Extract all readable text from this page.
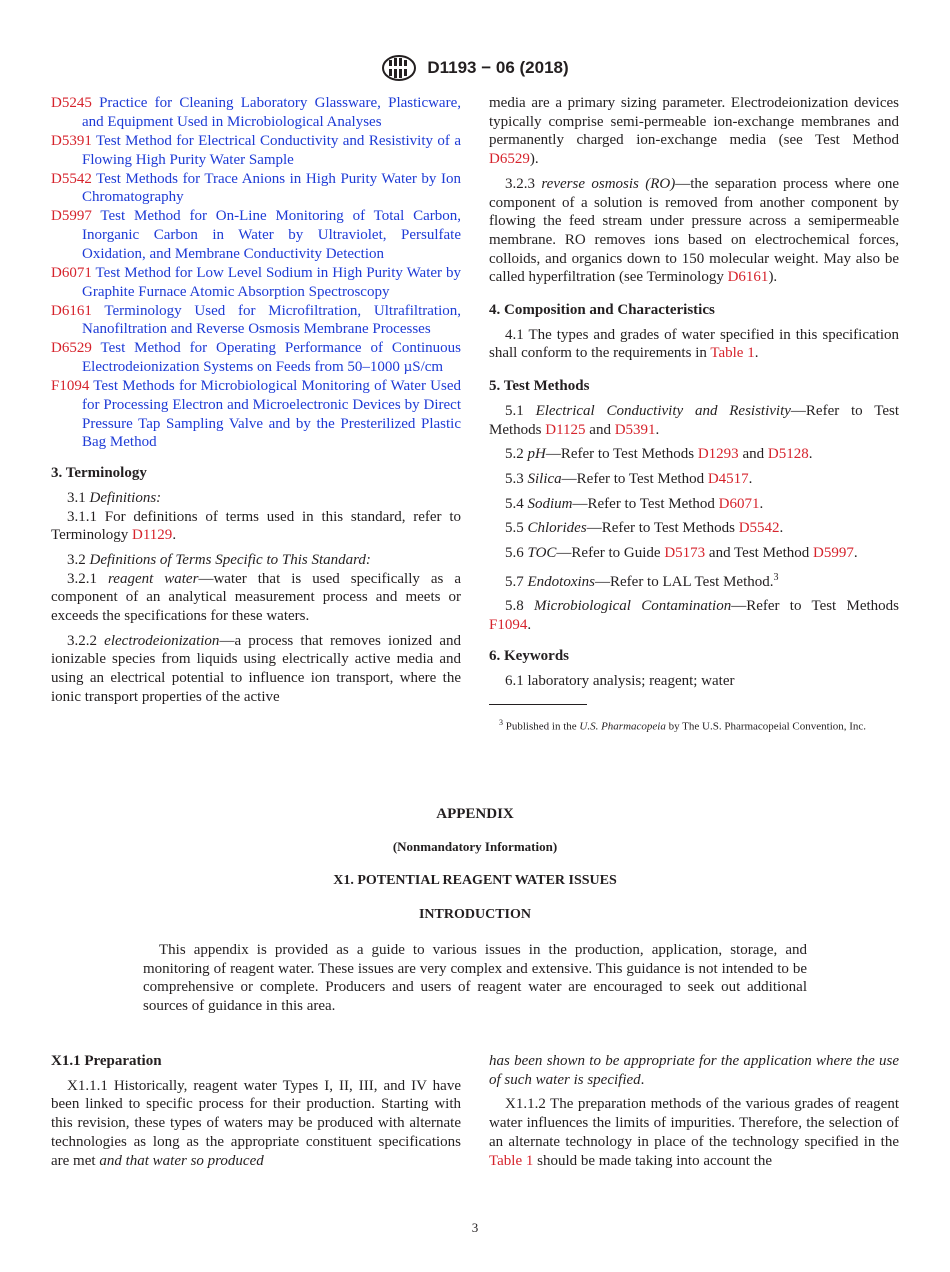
D1193 − 06 (2018)
D5245 Practice for Cleaning Laboratory Glassware, Plasticware, and Equipment Used in Microbiological Analyses
D5391 Test Method for Electrical Conductivity and Resistivity of a Flowing High Purity Water Sample
D5542 Test Methods for Trace Anions in High Purity Water by Ion Chromatography
D5997 Test Method for On-Line Monitoring of Total Carbon, Inorganic Carbon in Water by Ultraviolet, Persulfate Oxidation, and Membrane Conductivity Detection
D6071 Test Method for Low Level Sodium in High Purity Water by Graphite Furnace Atomic Absorption Spectroscopy
D6161 Terminology Used for Microfiltration, Ultrafiltration, Nanofiltration and Reverse Osmosis Membrane Processes
D6529 Test Method for Operating Performance of Continuous Electrodeionization Systems on Feeds from 50–1000 µS/cm
F1094 Test Methods for Microbiological Monitoring of Water Used for Processing Electron and Microelectronic Devices by Direct Pressure Tap Sampling Valve and by the Presterilized Plastic Bag Method
3. Terminology

3.1 Definitions:

3.1.1 For definitions of terms used in this standard, refer to Terminology D1129.

3.2 Definitions of Terms Specific to This Standard:

3.2.1 reagent water—water that is used specifically as a component of an analytical measurement process and meets or exceeds the specifications for these waters.

3.2.2 electrodeionization—a process that removes ionized and ionizable species from liquids using electrically active media and using an electrical potential to influence ion transport, where the ionic transport properties of the active

media are a primary sizing parameter. Electrodeionization devices typically comprise semi-permeable ion-exchange membranes and permanently charged ion-exchange media (see Test Method D6529).

3.2.3 reverse osmosis (RO)—the separation process where one component of a solution is removed from another component by flowing the feed stream under pressure across a semipermeable membrane. RO removes ions based on electrochemical forces, colloids, and organics down to 150 molecular weight. May also be called hyperfiltration (see Terminology D6161).

4. Composition and Characteristics

4.1 The types and grades of water specified in this specification shall conform to the requirements in Table 1.

5. Test Methods

5.1 Electrical Conductivity and Resistivity—Refer to Test Methods D1125 and D5391.

5.2 pH—Refer to Test Methods D1293 and D5128.

5.3 Silica—Refer to Test Method D4517.

5.4 Sodium—Refer to Test Method D6071.

5.5 Chlorides—Refer to Test Methods D5542.

5.6 TOC—Refer to Guide D5173 and Test Method D5997.

5.7 Endotoxins—Refer to LAL Test Method.$^3$

5.8 Microbiological Contamination—Refer to Test Methods F1094.

6. Keywords

6.1 laboratory analysis; reagent; water

$^3$ Published in the U.S. Pharmacopeia by The U.S. Pharmacopeial Convention, Inc.

APPENDIX
(Nonmandatory Information)
X1. POTENTIAL REAGENT WATER ISSUES
INTRODUCTION

This appendix is provided as a guide to various issues in the production, application, storage, and monitoring of reagent water. These issues are very complex and extensive. This guidance is not intended to be comprehensive or complete. Producers and users of reagent water are encouraged to seek out additional sources of guidance in this area.

X1.1 Preparation

X1.1.1 Historically, reagent water Types I, II, III, and IV have been linked to specific process for their production. Starting with this revision, these types of waters may be produced with alternate technologies as long as the appropriate constituent specifications are met and that water so produced

has been shown to be appropriate for the application where the use of such water is specified.

X1.1.2 The preparation methods of the various grades of reagent water influences the limits of impurities. Therefore, the selection of an alternate technology in place of the technology specified in the Table 1 should be made taking into account the

3
